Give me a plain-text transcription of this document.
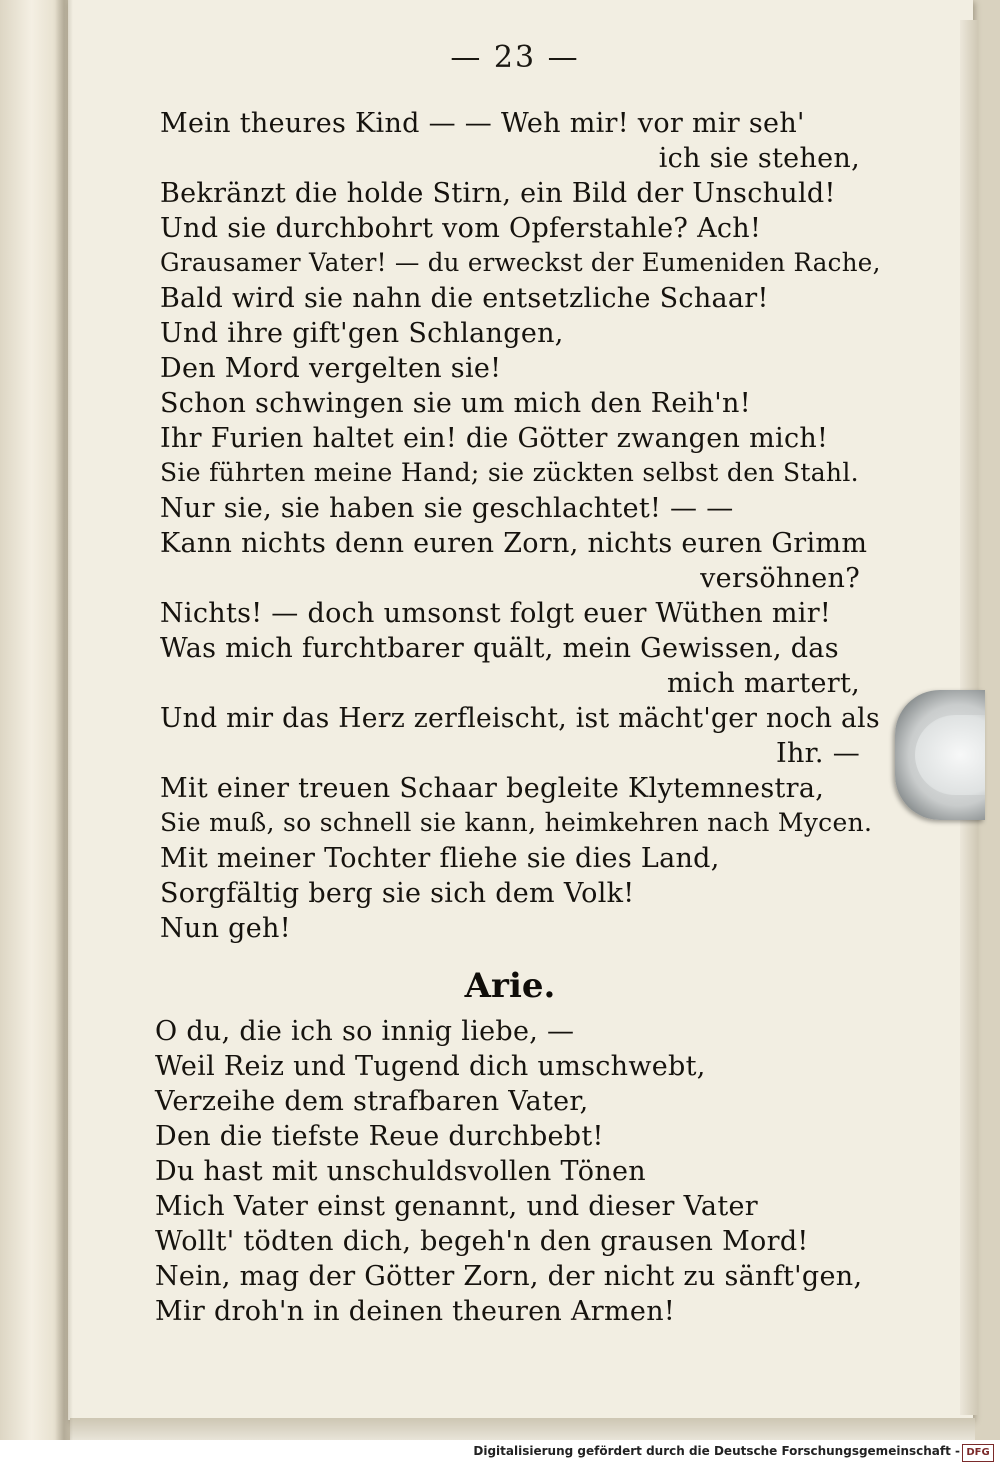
— 23 —
Mein theures Kind — — Weh mir! vor mir seh'
ich sie stehen,
Bekränzt die holde Stirn, ein Bild der Unschuld!
Und sie durchbohrt vom Opferstahle? Ach!
Grausamer Vater! — du erweckst der Eumeniden Rache,
Bald wird sie nahn die entsetzliche Schaar!
Und ihre gift'gen Schlangen,
Den Mord vergelten sie!
Schon schwingen sie um mich den Reih'n!
Ihr Furien haltet ein! die Götter zwangen mich!
Sie führten meine Hand; sie zückten selbst den Stahl.
Nur sie, sie haben sie geschlachtet! — —
Kann nichts denn euren Zorn, nichts euren Grimm
versöhnen?
Nichts! — doch umsonst folgt euer Wüthen mir!
Was mich furchtbarer quält, mein Gewissen, das
mich martert,
Und mir das Herz zerfleischt, ist mächt'ger noch als
Ihr. —
Mit einer treuen Schaar begleite Klytemnestra,
Sie muß, so schnell sie kann, heimkehren nach Mycen.
Mit meiner Tochter fliehe sie dies Land,
Sorgfältig berg sie sich dem Volk!
Nun geh!
Arie.
O du, die ich so innig liebe, —
Weil Reiz und Tugend dich umschwebt,
Verzeihe dem strafbaren Vater,
Den die tiefste Reue durchbebt!
Du hast mit unschuldsvollen Tönen
Mich Vater einst genannt, und dieser Vater
Wollt' tödten dich, begeh'n den grausen Mord!
Nein, mag der Götter Zorn, der nicht zu sänft'gen,
Mir droh'n in deinen theuren Armen!
Digitalisierung gefördert durch die Deutsche Forschungsgemeinschaft - DFG
